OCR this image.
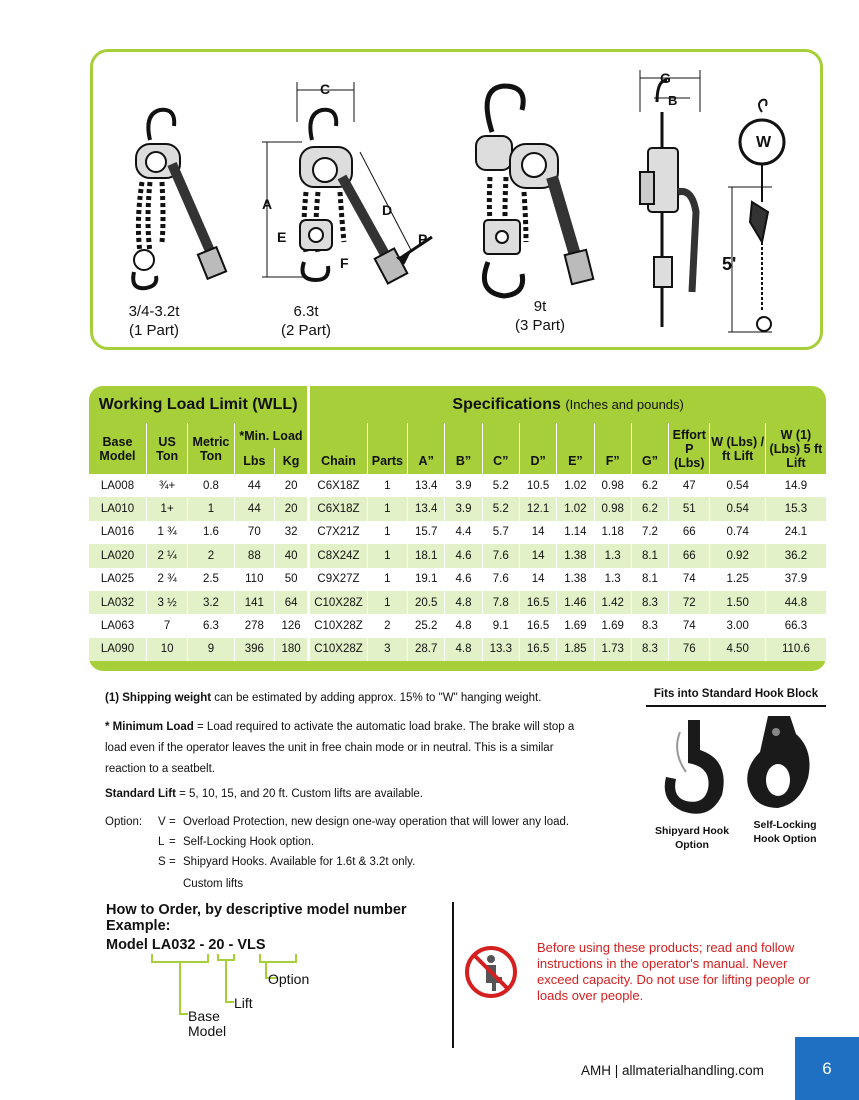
C
A	D
E
F
P
G
B
W
5'
3/4-3.2t
(1 Part)
6.3t
(2 Part)
9t
(3 Part)
Working Load Limit (WLL)					Specifications (Inches and pounds)											
Base Model	US Ton	Metric Ton	*Min. Load		Chain	Parts	A”	B”	C”	D”	E”	F”	G”	Effort P (Lbs)	W (Lbs) / ft Lift	W (1) (Lbs) 5 ft Lift
			Lbs	Kg												
LA008	¾+	0.8	44	20	C6X18Z	1	13.4	3.9	5.2	10.5	1.02	0.98	6.2	47	0.54	14.9
LA010	1+	1	44	20	C6X18Z	1	13.4	3.9	5.2	12.1	1.02	0.98	6.2	51	0.54	15.3
LA016	1 ¾	1.6	70	32	C7X21Z	1	15.7	4.4	5.7	14	1.14	1.18	7.2	66	0.74	24.1
LA020	2 ¼	2	88	40	C8X24Z	1	18.1	4.6	7.6	14	1.38	1.3	8.1	66	0.92	36.2
LA025	2 ¾	2.5	110	50	C9X27Z	1	19.1	4.6	7.6	14	1.38	1.3	8.1	74	1.25	37.9
LA032	3 ½	3.2	141	64	C10X28Z	1	20.5	4.8	7.8	16.5	1.46	1.42	8.3	72	1.50	44.8
LA063	7	6.3	278	126	C10X28Z	2	25.2	4.8	9.1	16.5	1.69	1.69	8.3	74	3.00	66.3
LA090	10	9	396	180	C10X28Z	3	28.7	4.8	13.3	16.5	1.85	1.73	8.3	76	4.50	110.6
(1) Shipping weight can be estimated by adding approx. 15% to "W" hanging weight.
* Minimum Load = Load required to activate the automatic load brake. The brake will stop a load even if the operator leaves the unit in free chain mode or in neutral. This is a similar reaction to a seatbelt.
Standard Lift = 5, 10, 15, and 20 ft. Custom lifts are available.
Option: V = Overload Protection, new design one-way operation that will lower any load.
L = Self-Locking Hook option.
S = Shipyard Hooks. Available for 1.6t & 3.2t only.
Custom lifts
Fits into Standard Hook Block
Shipyard Hook Option
Self-Locking Hook Option
How to Order, by descriptive model number
Example:
Model LA032 - 20 - VLS
Option
Lift
Base Model
Before using these products; read and follow instructions in the operator's manual. Never exceed capacity. Do not use for lifting people or loads over people.
AMH | allmaterialhandling.com	6
